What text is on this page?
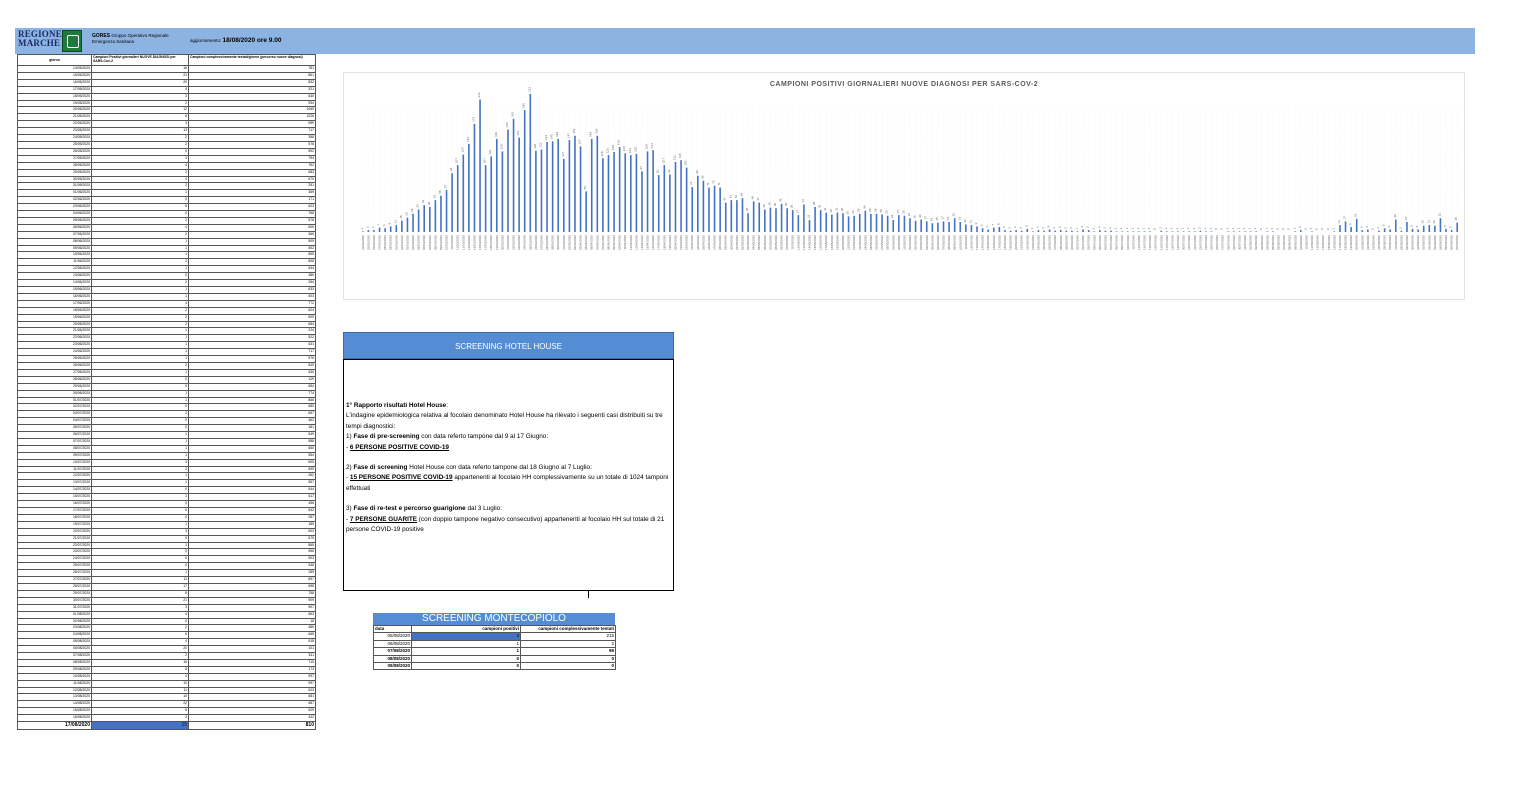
REGIONE
MARCHE
GORES Gruppo Operativo Regionale
Emergenza Sanitaria	aggiornamento: 18/08/2020 ore 9.00
giorno	Campioni Positivi giornalieri NUOVE DIAGNOSI per SARS-Cov-2	Campioni complessivamente testati/giorno (percorso nuove diagnosi)
14/05/2020	16	781
15/05/2020	21	861
16/05/2020	20	832
17/05/2020	4	321
18/05/2020	3	630
19/05/2020	2	934
20/05/2020	12	1069
21/05/2020	6	1026
22/05/2020	3	959
23/05/2020	13	717
24/05/2020	2	358
25/05/2020	2	576
26/05/2020	0	892
27/05/2020	3	794
28/05/2020	4	752
29/05/2020	2	583
30/05/2020	4	670
31/05/2020	2	251
01/06/2020	1	369
02/06/2020	0	171
03/06/2020	5	623
04/06/2020	0	768
05/06/2020	2	578
06/06/2020	4	605
07/06/2020	2	360
08/06/2020	1	509
09/06/2020	1	502
10/06/2020	1	895
11/06/2020	1	808
12/06/2020	1	544
13/06/2020	0	385
14/06/2020	2	264
15/06/2020	1	633
16/06/2020	1	603
17/06/2020	4	772
18/06/2020	2	624
19/06/2020	2	509
20/06/2020	2	684
21/06/2020	1	224
22/06/2020	1	522
23/06/2020	1	631
24/06/2020	1	717
25/06/2020	1	576
26/06/2020	2	629
27/06/2020	1	630
28/06/2020	0	129
29/06/2020	0	654
30/06/2020	1	774
01/07/2020	1	866
02/07/2020	0	680
03/07/2020	1	657
04/07/2020	0	462
05/07/2020	0	181
06/07/2020	1	549
07/07/2020	1	588
08/07/2020	1	660
09/07/2020	1	554
10/07/2020	3	605
11/07/2020	1	699
12/07/2020	1	262
13/07/2020	1	557
14/07/2020	0	644
15/07/2020	1	617
16/07/2020	0	456
17/07/2020	0	542
18/07/2020	0	287
19/07/2020	1	185
20/07/2020	3	603
21/07/2020	0	675
22/07/2020	1	865
23/07/2020	0	556
24/07/2020	0	903
25/07/2020	0	538
26/07/2020	1	289
27/07/2020	11	697
28/07/2020	17	698
29/07/2020	8	758
30/07/2020	21	909
31/07/2020	3	907
01/08/2020	4	563
02/08/2020	0	18
03/08/2020	2	485
04/08/2020	6	665
05/08/2020	4	918
06/08/2020	20	101
07/08/2020	2	331
08/08/2020	16	715
09/08/2020	5	173
10/08/2020	4	997
11/08/2020	10	997
12/08/2020	11	623
13/08/2020	10	681
14/08/2020	22	687
15/08/2020	5	529
16/08/2020	3	422
17/08/2020	15	810
CAMPIONI POSITIVI GIORNALIERI NUOVE DIAGNOSI PER SARS-COV-2
1
24/02/2020
3
25/02/2020
3
26/02/2020
7
27/02/2020
6
28/02/2020
9
29/02/2020
11
01/03/2020
18
02/03/2020
23
03/03/2020
29
04/03/2020
36
05/03/2020
43
06/03/2020
40
07/03/2020
51
08/03/2020
58
09/03/2020
67
10/03/2020
94
11/03/2020
107
12/03/2020
124
13/03/2020
141
14/03/2020
173
15/03/2020
212
16/03/2020
107
17/03/2020
121
18/03/2020
149
19/03/2020
129
20/03/2020
164
21/03/2020
181
22/03/2020
151
23/03/2020
195
24/03/2020
221
25/03/2020
130
26/03/2020
132
27/03/2020
144
28/03/2020
145
29/03/2020
149
30/03/2020
117
31/03/2020
147
01/04/2020
154
02/04/2020
137
03/04/2020
65
04/04/2020
149
05/04/2020
154
06/04/2020
118
07/04/2020
123
08/04/2020
128
09/04/2020
136
10/04/2020
126
11/04/2020
123
12/04/2020
125
13/04/2020
97
14/04/2020
129
15/04/2020
131
16/04/2020
91
17/04/2020
107
18/04/2020
92
19/04/2020
112
20/04/2020
115
21/04/2020
103
22/04/2020
72
23/04/2020
90
24/04/2020
82
25/04/2020
71
26/04/2020
74
27/04/2020
71
28/04/2020
47
29/04/2020
51
30/04/2020
51
01/05/2020
54
02/05/2020
30
03/05/2020
49
04/05/2020
47
05/05/2020
36
06/05/2020
39
07/05/2020
38
08/05/2020
45
09/05/2020
38
10/05/2020
35
11/05/2020
27
12/05/2020
44
13/05/2020
19
14/05/2020
40
15/05/2020
35
16/05/2020
31
17/05/2020
28
18/05/2020
31
19/05/2020
30
20/05/2020
25
21/05/2020
26
22/05/2020
29
23/05/2020
34
24/05/2020
29
25/05/2020
29
26/05/2020
28
27/05/2020
26
28/05/2020
19
29/05/2020
27
30/05/2020
26
31/05/2020
22
01/06/2020
18
02/06/2020
20
03/06/2020
17
04/06/2020
14
05/06/2020
15
06/06/2020
17
07/06/2020
16
08/06/2020
22
09/06/2020
16
10/06/2020
12
11/06/2020
11
12/06/2020
9
13/06/2020
6
14/06/2020
4
15/06/2020
7
16/06/2020
8
17/06/2020
3
18/06/2020
2
19/06/2020
3
20/06/2020
2
21/06/2020
5
22/06/2020
1
23/06/2020
3
24/06/2020
2
25/06/2020
4
26/06/2020
2
27/06/2020
3
28/06/2020
2
29/06/2020
2
30/06/2020
1
01/07/2020
4
02/07/2020
3
03/07/2020
1
04/07/2020
3
05/07/2020
2
06/07/2020
2
07/07/2020
1
08/07/2020
1
09/07/2020
1
10/07/2020
1
11/07/2020
1
12/07/2020
1
13/07/2020
1
14/07/2020
0
15/07/2020
2
16/07/2020
1
17/07/2020
1
18/07/2020
1
19/07/2020
1
20/07/2020
1
21/07/2020
1
22/07/2020
2
23/07/2020
1
24/07/2020
1
25/07/2020
0
26/07/2020
0
27/07/2020
1
28/07/2020
1
29/07/2020
1
30/07/2020
1
31/07/2020
1
01/08/2020
1
02/08/2020
0
03/08/2020
1
04/08/2020
1
05/08/2020
0
06/08/2020
0
07/08/2020
0
08/08/2020
1
09/08/2020
3
10/08/2020
0
11/08/2020
1
12/08/2020
0
13/08/2020
0
14/08/2020
0
15/08/2020
1
16/08/2020
11
17/08/2020
17
18/08/2020
8
19/08/2020
21
20/08/2020
3
21/08/2020
4
22/08/2020
0
23/08/2020
2
24/08/2020
6
25/08/2020
4
26/08/2020
20
27/08/2020
2
28/08/2020
16
29/08/2020
5
30/08/2020
4
31/08/2020
10
01/09/2020
11
02/09/2020
10
03/09/2020
22
04/09/2020
5
05/09/2020
3
06/09/2020
15
07/09/2020
SCREENING HOTEL HOUSE

1° Rapporto risultati Hotel House:

L'indagine epidemiologica relativa al focolaio denominato Hotel House ha rilevato i seguenti casi distribuiti su tre tempi diagnostici:

1) Fase di pre-screening con data referto tampone dal 9 al 17 Giugno:

- 6 PERSONE POSITIVE COVID-19

2) Fase di screening Hotel House con data referto tampone dal 18 Giugno al 7 Luglio:

- 15 PERSONE POSITIVE COVID-19 appartenenti al focolaio HH complessivamente su un totale di 1024 tamponi effettuati

3) Fase di re-test e percorso guarigione dal 3 Luglio:

- 7 PERSONE GUARITE (con doppio tampone negativo consecutivo) appartenenti al focolaio HH sul totale di 21 persone COVID-19 positive

SCREENING MONTECOPIOLO
data	campioni positivi	campioni complessivamente testati
05/08/2020	3	215
06/08/2020	1	2
07/08/2020	1	99
08/08/2020	0	0
09/08/2020	0	0
